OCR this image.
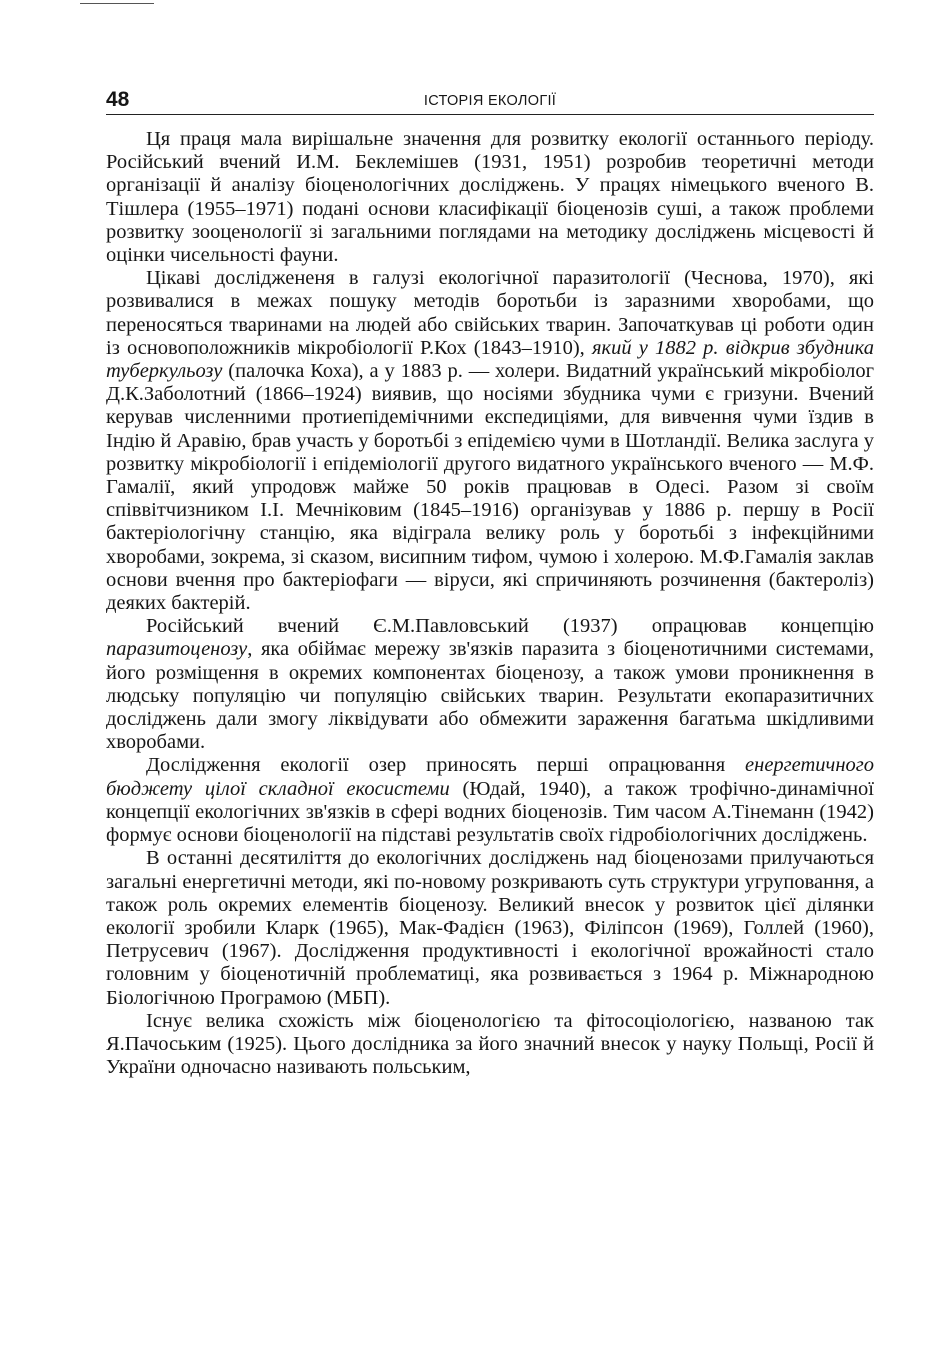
48	ІСТОРІЯ ЕКОЛОГІЇ

Ця праця мала вирішальне значення для розвитку екології останнього періоду. Російський вчений И.М. Беклемішев (1931, 1951) розробив теоретичні методи організації й аналізу біоценологічних досліджень. У працях німецького вченого В. Тішлера (1955–1971) подані основи класифікації біоценозів суші, а також проблеми розвитку зооценології зі загальними поглядами на методику досліджень місцевості й оцінки чисельності фауни.

Цікаві досліджененя в галузі екологічної паразитології (Чеснова, 1970), які розвивалися в межах пошуку методів боротьби із заразними хворобами, що переносяться тваринами на людей або свійських тварин. Започаткував ці роботи один із основоположників мікробіології Р.Кох (1843–1910), який у 1882 р. відкрив збудника туберкульозу (палочка Коха), а у 1883 р. — холери. Видатний український мікробіолог Д.К.Заболотний (1866–1924) виявив, що носіями збудника чуми є гризуни. Вчений керував численними протиепідемічними експедиціями, для вивчення чуми їздив в Індію й Аравію, брав участь у боротьбі з епідемією чуми в Шотландії. Велика заслуга у розвитку мікробіології і епідеміології другого видатного українського вченого — М.Ф. Гамалії, який упродовж майже 50 років працював в Одесі. Разом зі своїм співвітчизником І.І. Мечніковим (1845–1916) організував у 1886 р. першу в Росії бактеріологічну станцію, яка відіграла велику роль у боротьбі з інфекційними хворобами, зокрема, зі сказом, висипним тифом, чумою і холерою. М.Ф.Гамалія заклав основи вчення про бактеріофаги — віруси, які спричиняють розчинення (бактероліз) деяких бактерій.

Російський вчений Є.М.Павловський (1937) опрацював концепцію паразитоценозу, яка обіймає мережу зв'язків паразита з біоценотичними системами, його розміщення в окремих компонентах біоценозу, а також умови проникнення в людську популяцію чи популяцію свійських тварин. Результати екопаразитичних досліджень дали змогу ліквідувати або обмежити зараження багатьма шкідливими хворобами.

Дослідження екології озер приносять перші опрацювання енергетичного бюджету цілої складної екосистеми (Юдай, 1940), а також трофічно-динамічної концепції екологічних зв'язків в сфері водних біоценозів. Тим часом А.Тінеманн (1942) формує основи біоценології на підставі результатів своїх гідробіологічних досліджень.

В останні десятиліття до екологічних досліджень над біоценозами прилучаються загальні енергетичні методи, які по-новому розкривають суть структури угруповання, а також роль окремих елементів біоценозу. Великий внесок у розвиток цієї ділянки екології зробили Кларк (1965), Мак-Фадієн (1963), Філіпсон (1969), Голлей (1960), Петрусевич (1967). Дослідження продуктивності і екологічної врожайності стало головним у біоценотичній проблематиці, яка розвивається з 1964 р. Міжнародною Біологічною Програмою (МБП).

Існує велика схожість між біоценологією та фітосоціологією, названою так Я.Пачоським (1925). Цього дослідника за його значний внесок у науку Польщі, Росії й України одночасно називають польським,
